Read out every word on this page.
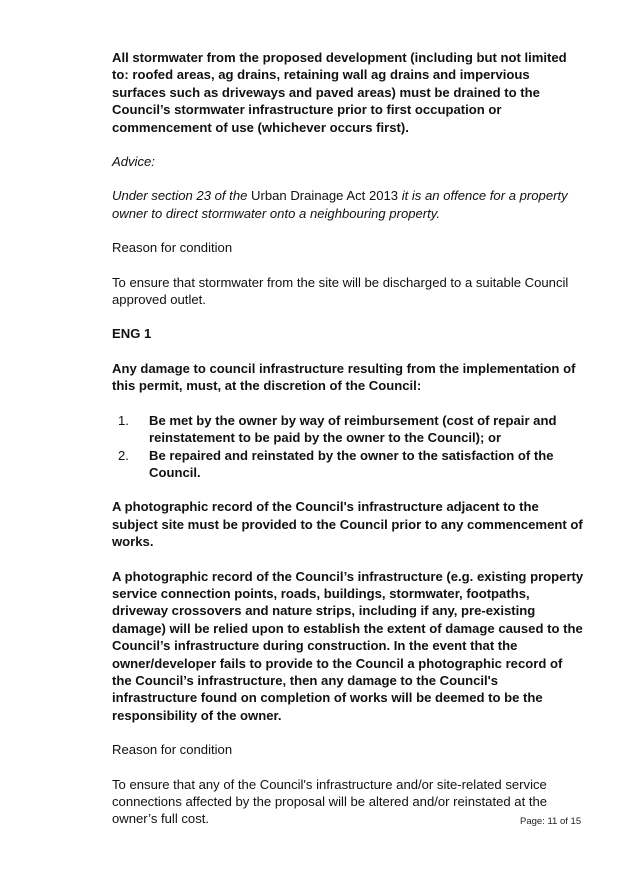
All stormwater from the proposed development (including but not limited to: roofed areas, ag drains, retaining wall ag drains and impervious surfaces such as driveways and paved areas) must be drained to the Council’s stormwater infrastructure prior to first occupation or commencement of use (whichever occurs first).

Advice:

Under section 23 of the Urban Drainage Act 2013 it is an offence for a property owner to direct stormwater onto a neighbouring property.

Reason for condition

To ensure that stormwater from the site will be discharged to a suitable Council approved outlet.

ENG 1

Any damage to council infrastructure resulting from the implementation of this permit, must, at the discretion of the Council:

1.	Be met by the owner by way of reimbursement (cost of repair and reinstatement to be paid by the owner to the Council); or
2.	Be repaired and reinstated by the owner to the satisfaction of the Council.

A photographic record of the Council's infrastructure adjacent to the subject site must be provided to the Council prior to any commencement of works.

A photographic record of the Council’s infrastructure (e.g. existing property service connection points, roads, buildings, stormwater, footpaths, driveway crossovers and nature strips, including if any, pre-existing damage) will be relied upon to establish the extent of damage caused to the Council’s infrastructure during construction. In the event that the owner/developer fails to provide to the Council a photographic record of the Council’s infrastructure, then any damage to the Council's infrastructure found on completion of works will be deemed to be the responsibility of the owner.

Reason for condition

To ensure that any of the Council's infrastructure and/or site-related service connections affected by the proposal will be altered and/or reinstated at the owner’s full cost.	Page: 11 of 15
